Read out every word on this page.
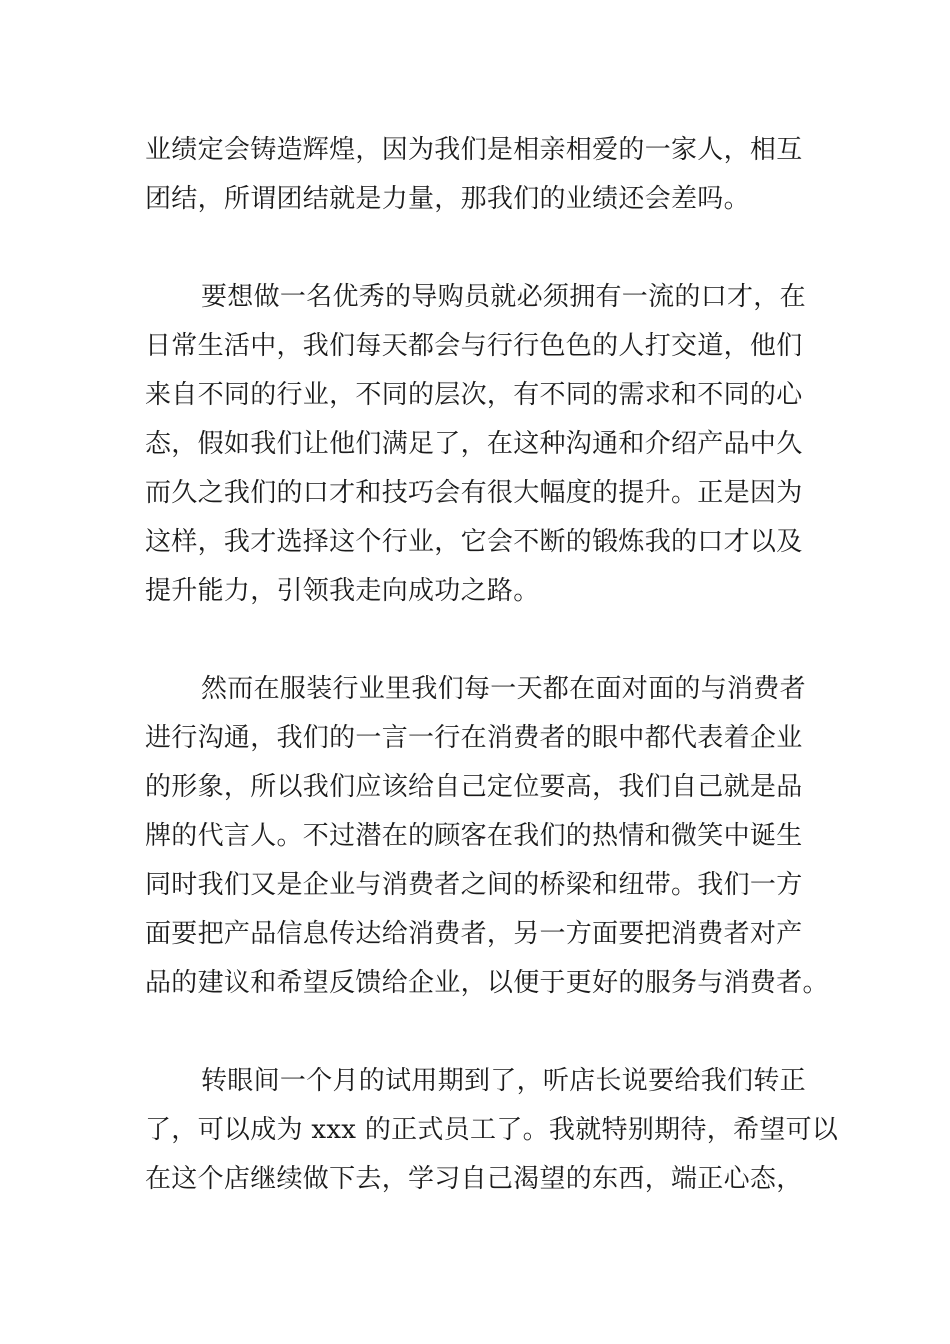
业绩定会铸造辉煌，因为我们是相亲相爱的一家人，相互
团结，所谓团结就是力量，那我们的业绩还会差吗。

要想做一名优秀的导购员就必须拥有一流的口才，在
日常生活中，我们每天都会与行行色色的人打交道，他们
来自不同的行业，不同的层次，有不同的需求和不同的心
态，假如我们让他们满足了，在这种沟通和介绍产品中久
而久之我们的口才和技巧会有很大幅度的提升。正是因为
这样，我才选择这个行业，它会不断的锻炼我的口才以及
提升能力，引领我走向成功之路。

然而在服装行业里我们每一天都在面对面的与消费者
进行沟通，我们的一言一行在消费者的眼中都代表着企业
的形象，所以我们应该给自己定位要高，我们自己就是品
牌的代言人。不过潜在的顾客在我们的热情和微笑中诞生
同时我们又是企业与消费者之间的桥梁和纽带。我们一方
面要把产品信息传达给消费者，另一方面要把消费者对产
品的建议和希望反馈给企业，以便于更好的服务与消费者。

转眼间一个月的试用期到了，听店长说要给我们转正
了，可以成为 xxx 的正式员工了。我就特别期待，希望可以
在这个店继续做下去，学习自己渴望的东西，端正心态，
